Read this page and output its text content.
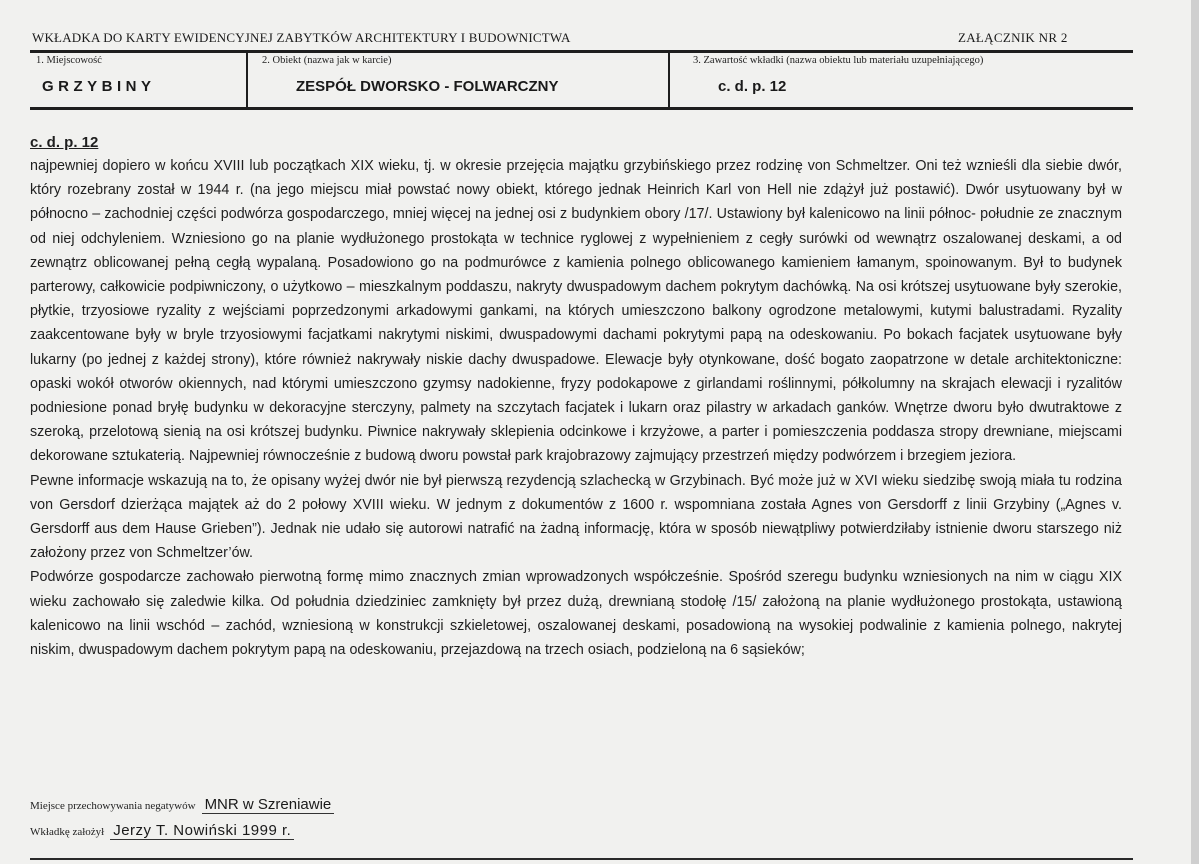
WKŁADKA DO KARTY EWIDENCYJNEJ ZABYTKÓW ARCHITEKTURY I BUDOWNICTWA	ZAŁĄCZNIK NR 2
1. Miejscowość
GRZYBINY
2. Obiekt (nazwa jak w karcie)
ZESPÓŁ DWORSKO - FOLWARCZNY
3. Zawartość wkładki (nazwa obiektu lub materiału uzupełniającego)
c. d. p. 12
c. d. p. 12
najpewniej dopiero w końcu XVIII lub początkach XIX wieku, tj. w okresie przejęcia majątku grzybińskiego przez rodzinę von Schmeltzer. Oni też wznieśli dla siebie dwór, który rozebrany został w 1944 r. (na jego miejscu miał powstać nowy obiekt, którego jednak Heinrich Karl von Hell nie zdążył już postawić). Dwór usytuowany był w północno – zachodniej części podwórza gospodarczego, mniej więcej na jednej osi z budynkiem obory /17/. Ustawiony był kalenicowo na linii północ- południe ze znacznym od niej odchyleniem. Wzniesiono go na planie wydłużonego prostokąta w technice ryglowej z wypełnieniem z cegły surówki od wewnątrz oszalowanej deskami, a od zewnątrz oblicowanej pełną cegłą wypalaną. Posadowiono go na podmurówce z kamienia polnego oblicowanego kamieniem łamanym, spoinowanym. Był to budynek parterowy, całkowicie podpiwniczony, o użytkowo – mieszkalnym poddaszu, nakryty dwuspadowym dachem pokrytym dachówką. Na osi krótszej usytuowane były szerokie, płytkie, trzyosiowe ryzality z wejściami poprzedzonymi arkadowymi gankami, na których umieszczono balkony ogrodzone metalowymi, kutymi balustradami. Ryzality zaakcentowane były w bryle trzyosiowymi facjatkami nakrytymi niskimi, dwuspadowymi dachami pokrytymi papą na odeskowaniu. Po bokach facjatek usytuowane były lukarny (po jednej z każdej strony), które również nakrywały niskie dachy dwuspadowe. Elewacje były otynkowane, dość bogato zaopatrzone w detale architektoniczne: opaski wokół otworów okiennych, nad którymi umieszczono gzymsy nadokienne, fryzy podokapowe z girlandami roślinnymi, półkolumny na skrajach elewacji i ryzalitów podniesione ponad bryłę budynku w dekoracyjne sterczyny, palmety na szczytach facjatek i lukarn oraz pilastry w arkadach ganków. Wnętrze dworu było dwutraktowe z szeroką, przelotową sienią na osi krótszej budynku. Piwnice nakrywały sklepienia odcinkowe i krzyżowe, a parter i pomieszczenia poddasza stropy drewniane, miejscami dekorowane sztukaterią. Najpewniej równocześnie z budową dworu powstał park krajobrazowy zajmujący przestrzeń między podwórzem i brzegiem jeziora.
Pewne informacje wskazują na to, że opisany wyżej dwór nie był pierwszą rezydencją szlachecką w Grzybinach. Być może już w XVI wieku siedzibę swoją miała tu rodzina von Gersdorf dzierżąca majątek aż do 2 połowy XVIII wieku. W jednym z dokumentów z 1600 r. wspomniana została Agnes von Gersdorff z linii Grzybiny („Agnes v. Gersdorff aus dem Hause Grieben”). Jednak nie udało się autorowi natrafić na żadną informację, która w sposób niewątpliwy potwierdziłaby istnienie dworu starszego niż założony przez von Schmeltzer’ów.
Podwórze gospodarcze zachowało pierwotną formę mimo znacznych zmian wprowadzonych współcześnie. Spośród szeregu budynku wzniesionych na nim w ciągu XIX wieku zachowało się zaledwie kilka. Od południa dziedziniec zamknięty był przez dużą, drewnianą stodołę /15/ założoną na planie wydłużonego prostokąta, ustawioną kalenicowo na linii wschód – zachód, wzniesioną w konstrukcji szkieletowej, oszalowanej deskami, posadowioną na wysokiej podwalinie z kamienia polnego, nakrytej niskim, dwuspadowym dachem pokrytym papą na odeskowaniu, przejazdową na trzech osiach, podzieloną na 6 sąsieków;
Miejsce przechowywania negatywów MNR w Szreniawie
Wkładkę założył Jerzy T. Nowiński 1999 r.
